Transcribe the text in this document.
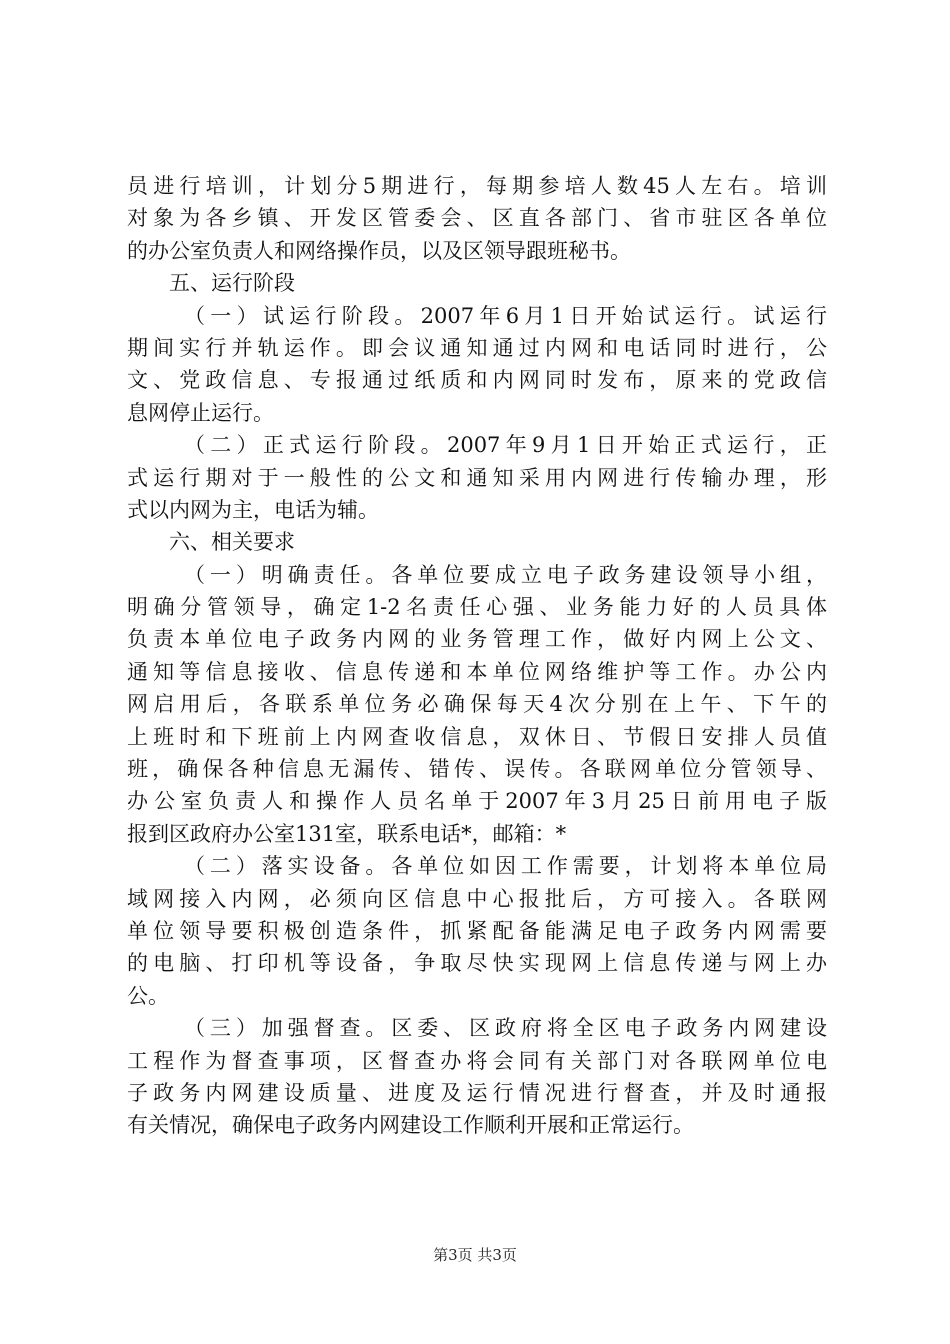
员进行培训，计划分5期进行，每期参培人数45人左右。培训
对象为各乡镇、开发区管委会、区直各部门、省市驻区各单位
的办公室负责人和网络操作员，以及区领导跟班秘书。
五、运行阶段
（一）试运行阶段。2007年6月1日开始试运行。试运行
期间实行并轨运作。即会议通知通过内网和电话同时进行，公
文、党政信息、专报通过纸质和内网同时发布，原来的党政信
息网停止运行。
（二）正式运行阶段。2007年9月1日开始正式运行，正
式运行期对于一般性的公文和通知采用内网进行传输办理，形
式以内网为主，电话为辅。
六、相关要求
（一）明确责任。各单位要成立电子政务建设领导小组，
明确分管领导，确定1-2名责任心强、业务能力好的人员具体
负责本单位电子政务内网的业务管理工作，做好内网上公文、
通知等信息接收、信息传递和本单位网络维护等工作。办公内
网启用后，各联系单位务必确保每天4次分别在上午、下午的
上班时和下班前上内网查收信息，双休日、节假日安排人员值
班，确保各种信息无漏传、错传、误传。各联网单位分管领导、
办公室负责人和操作人员名单于2007年3月25日前用电子版
报到区政府办公室131室，联系电话*，邮箱：*
（二）落实设备。各单位如因工作需要，计划将本单位局
域网接入内网，必须向区信息中心报批后，方可接入。各联网
单位领导要积极创造条件，抓紧配备能满足电子政务内网需要
的电脑、打印机等设备，争取尽快实现网上信息传递与网上办
公。
（三）加强督查。区委、区政府将全区电子政务内网建设
工程作为督查事项，区督查办将会同有关部门对各联网单位电
子政务内网建设质量、进度及运行情况进行督查，并及时通报
有关情况，确保电子政务内网建设工作顺利开展和正常运行。
第3页 共3页
